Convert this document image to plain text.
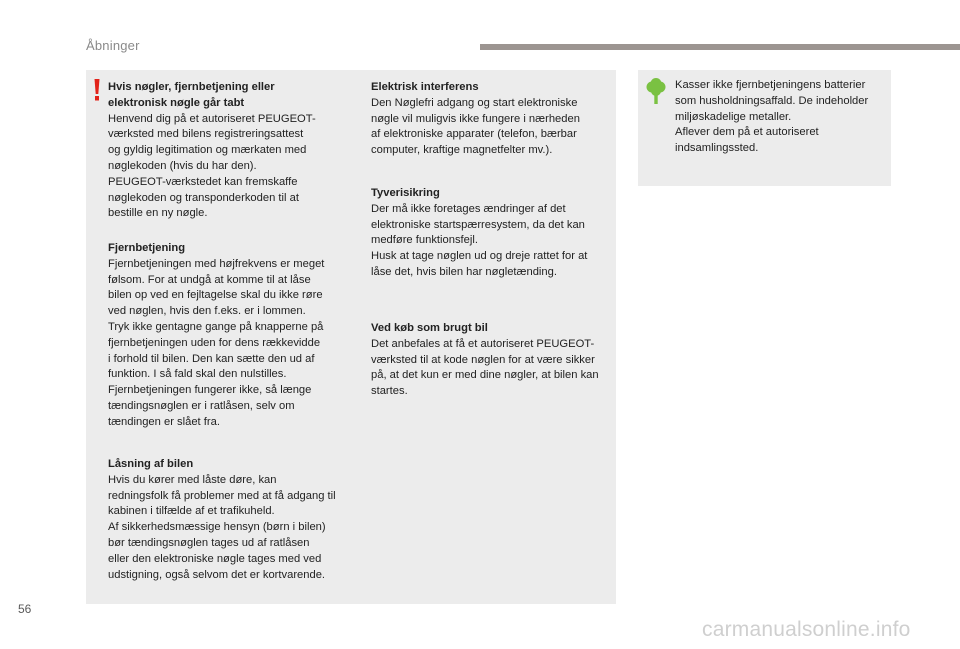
Åbninger
Hvis nøgler, fjernbetjening eller
elektronisk nøgle går tabt
Henvend dig på et autoriseret PEUGEOT-
værksted med bilens registreringsattest
og gyldig legitimation og mærkaten med
nøglekoden (hvis du har den).
PEUGEOT-værkstedet kan fremskaffe
nøglekoden og transponderkoden til at
bestille en ny nøgle.
Fjernbetjening
Fjernbetjeningen med højfrekvens er meget
følsom. For at undgå at komme til at låse
bilen op ved en fejltagelse skal du ikke røre
ved nøglen, hvis den f.eks. er i lommen.
Tryk ikke gentagne gange på knapperne på
fjernbetjeningen uden for dens rækkevidde
i forhold til bilen. Den kan sætte den ud af
funktion. I så fald skal den nulstilles.
Fjernbetjeningen fungerer ikke, så længe
tændingsnøglen er i ratlåsen, selv om
tændingen er slået fra.
Låsning af bilen
Hvis du kører med låste døre, kan
redningsfolk få problemer med at få adgang til
kabinen i tilfælde af et trafikuheld.
Af sikkerhedsmæssige hensyn (børn i bilen)
bør tændingsnøglen tages ud af ratlåsen
eller den elektroniske nøgle tages med ved
udstigning, også selvom det er kortvarende.
Elektrisk interferens
Den Nøglefri adgang og start elektroniske
nøgle vil muligvis ikke fungere i nærheden
af elektroniske apparater (telefon, bærbar
computer, kraftige magnetfelter mv.).
Tyverisikring
Der må ikke foretages ændringer af det
elektroniske startspærresystem, da det kan
medføre funktionsfejl.
Husk at tage nøglen ud og dreje rattet for at
låse det, hvis bilen har nøgletænding.
Ved køb som brugt bil
Det anbefales at få et autoriseret PEUGEOT-
værksted til at kode nøglen for at være sikker
på, at det kun er med dine nøgler, at bilen kan
startes.
Kasser ikke fjernbetjeningens batterier
som husholdningsaffald. De indeholder
miljøskadelige metaller.
Aflever dem på et autoriseret
indsamlingssted.
56
carmanualsonline.info
